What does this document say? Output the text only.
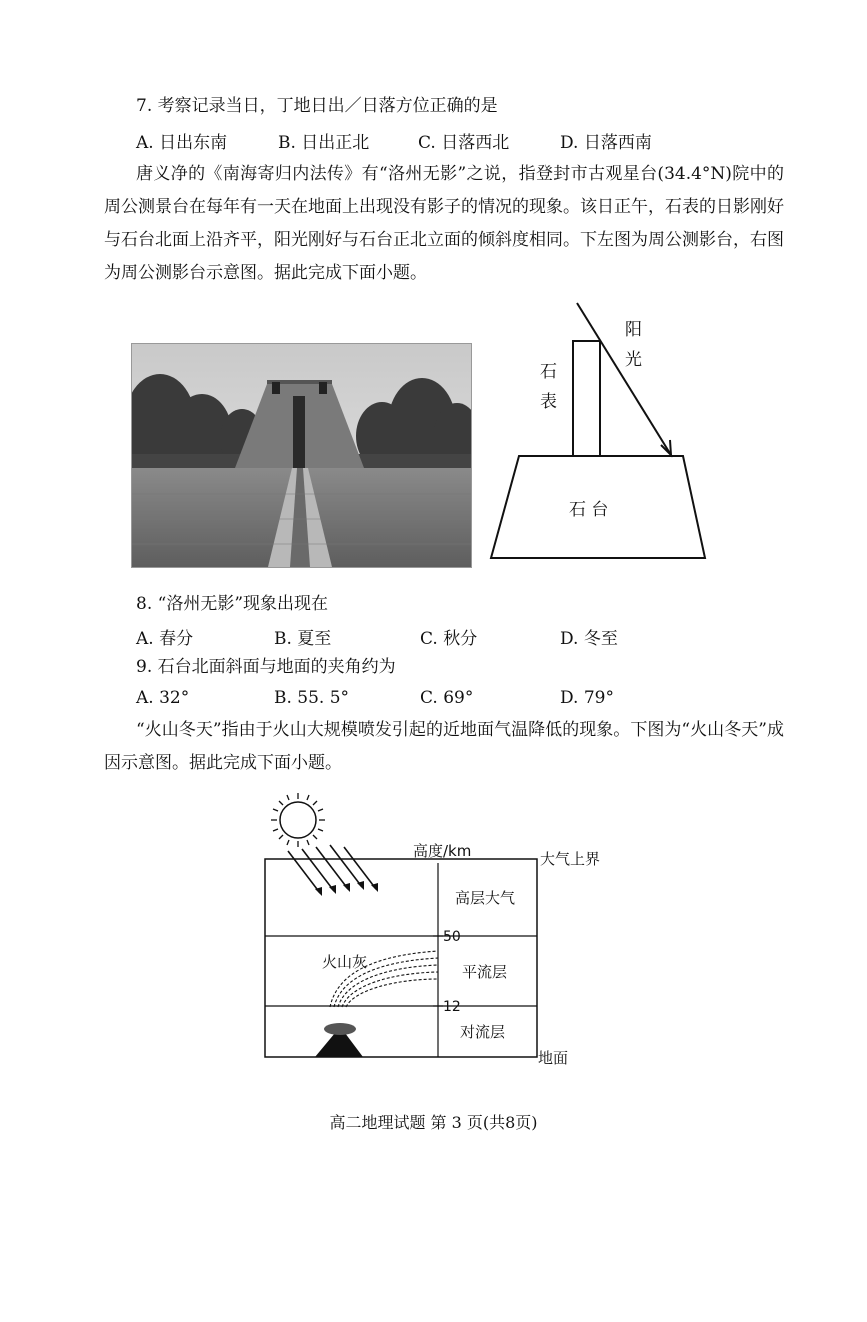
7. 考察记录当日，丁地日出／日落方位正确的是
A. 日出东南	B. 日出正北	C. 日落西北	D. 日落西南
唐义净的《南海寄归内法传》有“洛州无影”之说，指登封市古观星台(34.4°N)院中的周公测景台在每年有一天在地面上出现没有影子的情况的现象。该日正午，石表的日影刚好与石台北面上沿齐平，阳光刚好与石台正北立面的倾斜度相同。下左图为周公测影台，右图为周公测影台示意图。据此完成下面小题。
石
表
阳
光
石 台
8. “洛州无影”现象出现在
A. 春分	B. 夏至	C. 秋分	D. 冬至
9. 石台北面斜面与地面的夹角约为
A. 32°	B. 55. 5°	C. 69°	D. 79°
“火山冬天”指由于火山大规模喷发引起的近地面气温降低的现象。下图为“火山冬天”成因示意图。据此完成下面小题。
高度/km	大气上界
高层大气
50
火山灰
平流层
12
对流层
地面
高二地理试题 第 3 页(共8页)
